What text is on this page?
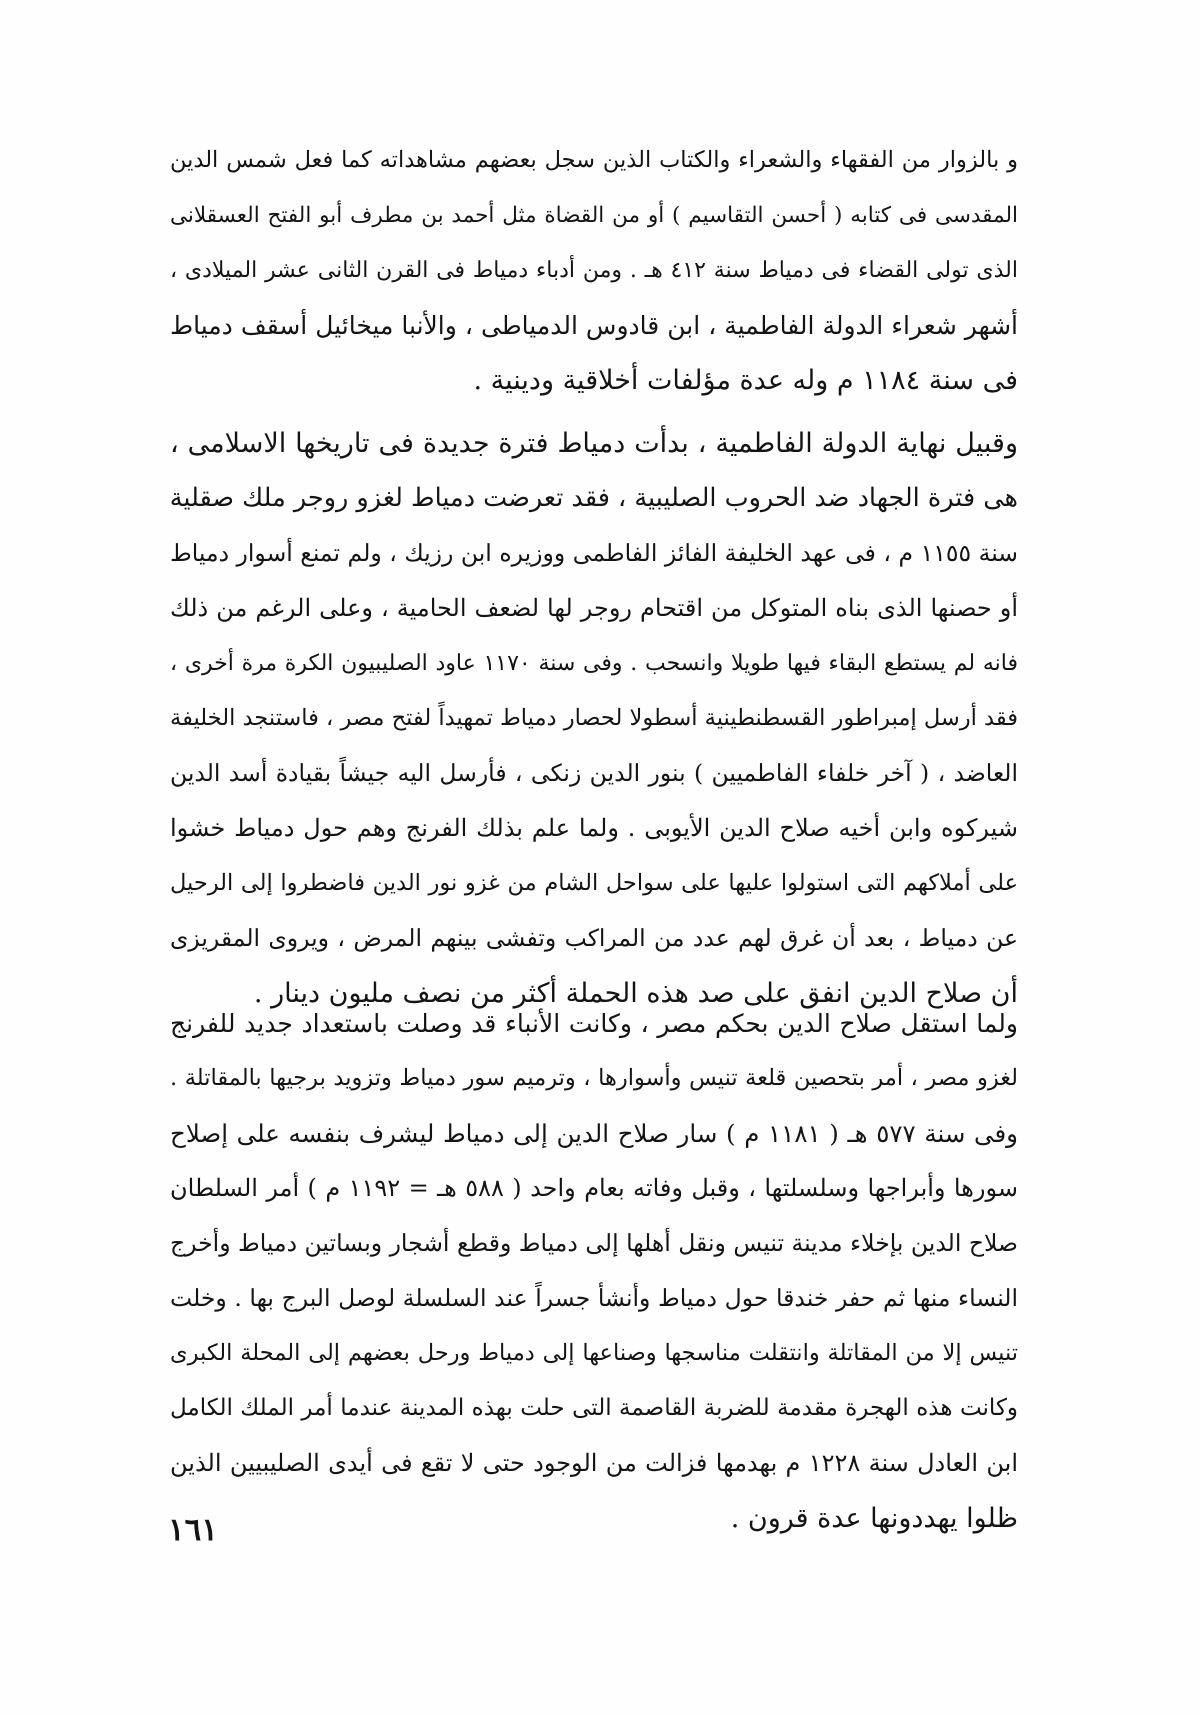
و بالزوار من الفقهاء والشعراء والكتاب الذين سجل بعضهم مشاهداته كما فعل شمس الدين
المقدسى فى كتابه ( أحسن التقاسيم ) أو من القضاة مثل أحمد بن مطرف أبو الفتح العسقلانى
الذى تولى القضاء فى دمياط سنة ٤١٢ هـ . ومن أدباء دمياط فى القرن الثانى عشر الميلادى ،
أشهر شعراء الدولة الفاطمية ، ابن قادوس الدمياطى ، والأنبا ميخائيل أسقف دمياط
فى سنة ١١٨٤ م وله عدة مؤلفات أخلاقية ودينية .
وقبيل نهاية الدولة الفاطمية ، بدأت دمياط فترة جديدة فى تاريخها الاسلامى ،
هى فترة الجهاد ضد الحروب الصليبية ، فقد تعرضت دمياط لغزو روجر ملك صقلية
سنة ١١٥٥ م ، فى عهد الخليفة الفائز الفاطمى ووزيره ابن رزيك ، ولم تمنع أسوار دمياط
أو حصنها الذى بناه المتوكل من اقتحام روجر لها لضعف الحامية ، وعلى الرغم من ذلك
فانه لم يستطع البقاء فيها طويلا وانسحب . وفى سنة ١١٧٠ عاود الصليبيون الكرة مرة أخرى ،
فقد أرسل إمبراطور القسطنطينية أسطولا لحصار دمياط تمهيداً لفتح مصر ، فاستنجد الخليفة
العاضد ، ( آخر خلفاء الفاطميين ) بنور الدين زنكى ، فأرسل اليه جيشاً بقيادة أسد الدين
شيركوه وابن أخيه صلاح الدين الأيوبى . ولما علم بذلك الفرنج وهم حول دمياط خشوا
على أملاكهم التى استولوا عليها على سواحل الشام من غزو نور الدين فاضطروا إلى الرحيل
عن دمياط ، بعد أن غرق لهم عدد من المراكب وتفشى بينهم المرض ، ويروى المقريزى
أن صلاح الدين انفق على صد هذه الحملة أكثر من نصف مليون دينار .
ولما استقل صلاح الدين بحكم مصر ، وكانت الأنباء قد وصلت باستعداد جديد للفرنج
لغزو مصر ، أمر بتحصين قلعة تنيس وأسوارها ، وترميم سور دمياط وتزويد برجيها بالمقاتلة .
وفى سنة ٥٧٧ هـ ( ١١٨١ م ) سار صلاح الدين إلى دمياط ليشرف بنفسه على إصلاح
سورها وأبراجها وسلسلتها ، وقبل وفاته بعام واحد ( ٥٨٨ هـ = ١١٩٢ م ) أمر السلطان
صلاح الدين بإخلاء مدينة تنيس ونقل أهلها إلى دمياط وقطع أشجار وبساتين دمياط وأخرج
النساء منها ثم حفر خندقا حول دمياط وأنشأ جسراً عند السلسلة لوصل البرج بها . وخلت
تنيس إلا من المقاتلة وانتقلت مناسجها وصناعها إلى دمياط ورحل بعضهم إلى المحلة الكبرى
وكانت هذه الهجرة مقدمة للضربة القاصمة التى حلت بهذه المدينة عندما أمر الملك الكامل
ابن العادل سنة ١٢٢٨ م بهدمها فزالت من الوجود حتى لا تقع فى أيدى الصليبيين الذين
ظلوا يهددونها عدة قرون .
١٦١
